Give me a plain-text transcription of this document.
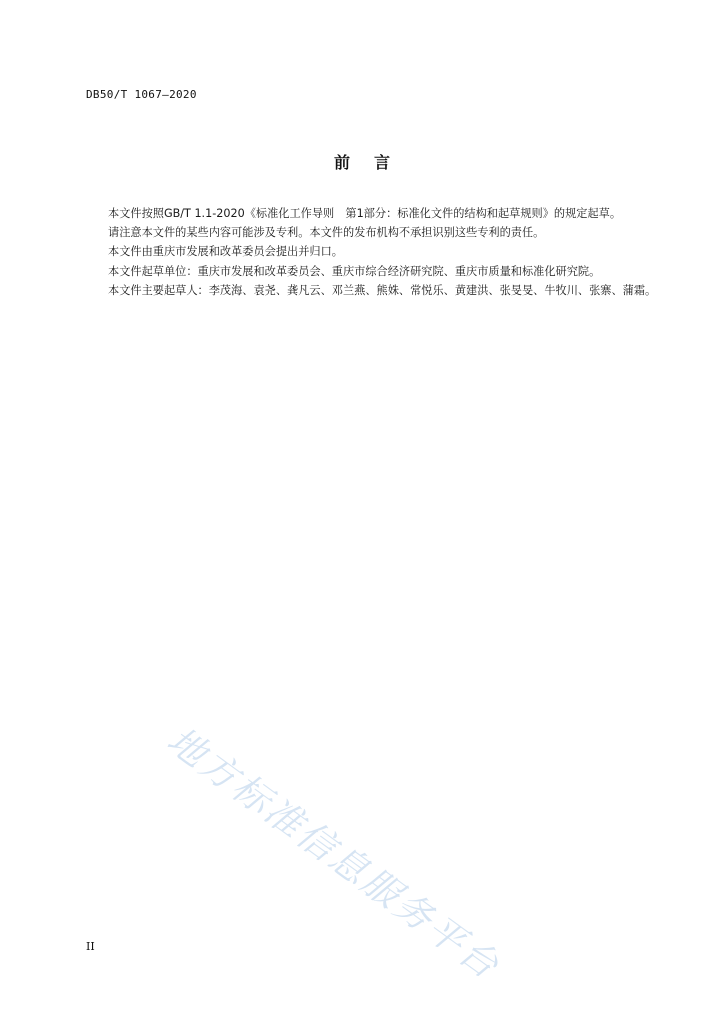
DB50/T 1067—2020
前 言

本文件按照GB/T 1.1-2020《标准化工作导则　第1部分：标准化文件的结构和起草规则》的规定起草。

请注意本文件的某些内容可能涉及专利。本文件的发布机构不承担识别这些专利的责任。

本文件由重庆市发展和改革委员会提出并归口。

本文件起草单位：重庆市发展和改革委员会、重庆市综合经济研究院、重庆市质量和标准化研究院。

本文件主要起草人：李茂海、袁尧、龚凡云、邓兰燕、熊姝、常悦乐、黄建洪、张旻旻、牛牧川、张寨、蒲霜。

地方标准信息服务平台
II
